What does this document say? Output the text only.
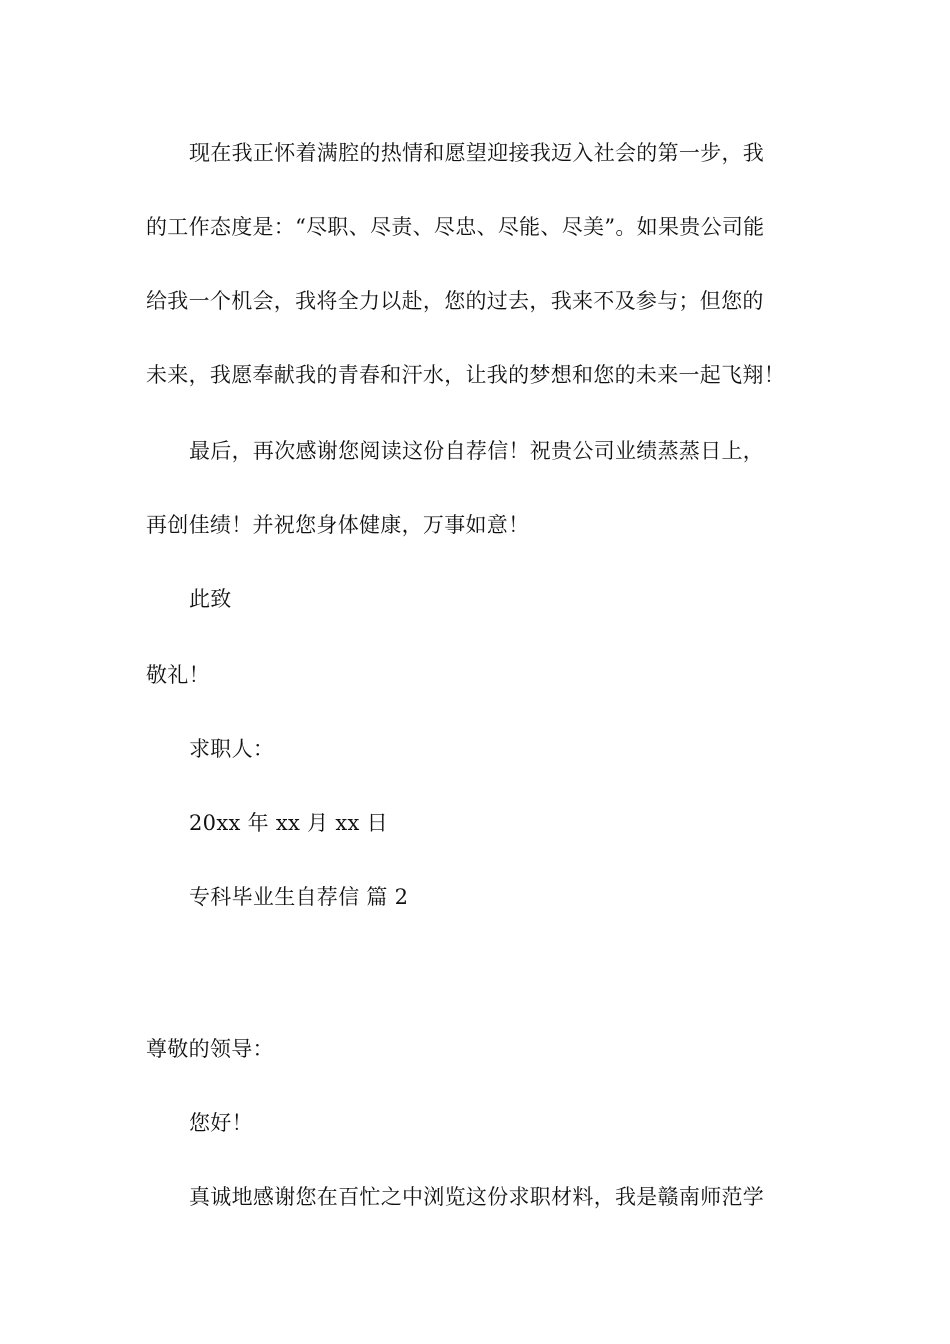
现在我正怀着满腔的热情和愿望迎接我迈入社会的第一步，我
的工作态度是：“尽职、尽责、尽忠、尽能、尽美”。如果贵公司能
给我一个机会，我将全力以赴，您的过去，我来不及参与；但您的
未来，我愿奉献我的青春和汗水，让我的梦想和您的未来一起飞翔！
最后，再次感谢您阅读这份自荐信！祝贵公司业绩蒸蒸日上，
再创佳绩！并祝您身体健康，万事如意！
此致
敬礼！
求职人：
20xx 年 xx 月 xx 日
专科毕业生自荐信 篇 2
尊敬的领导：
您好！
真诚地感谢您在百忙之中浏览这份求职材料，我是赣南师范学
